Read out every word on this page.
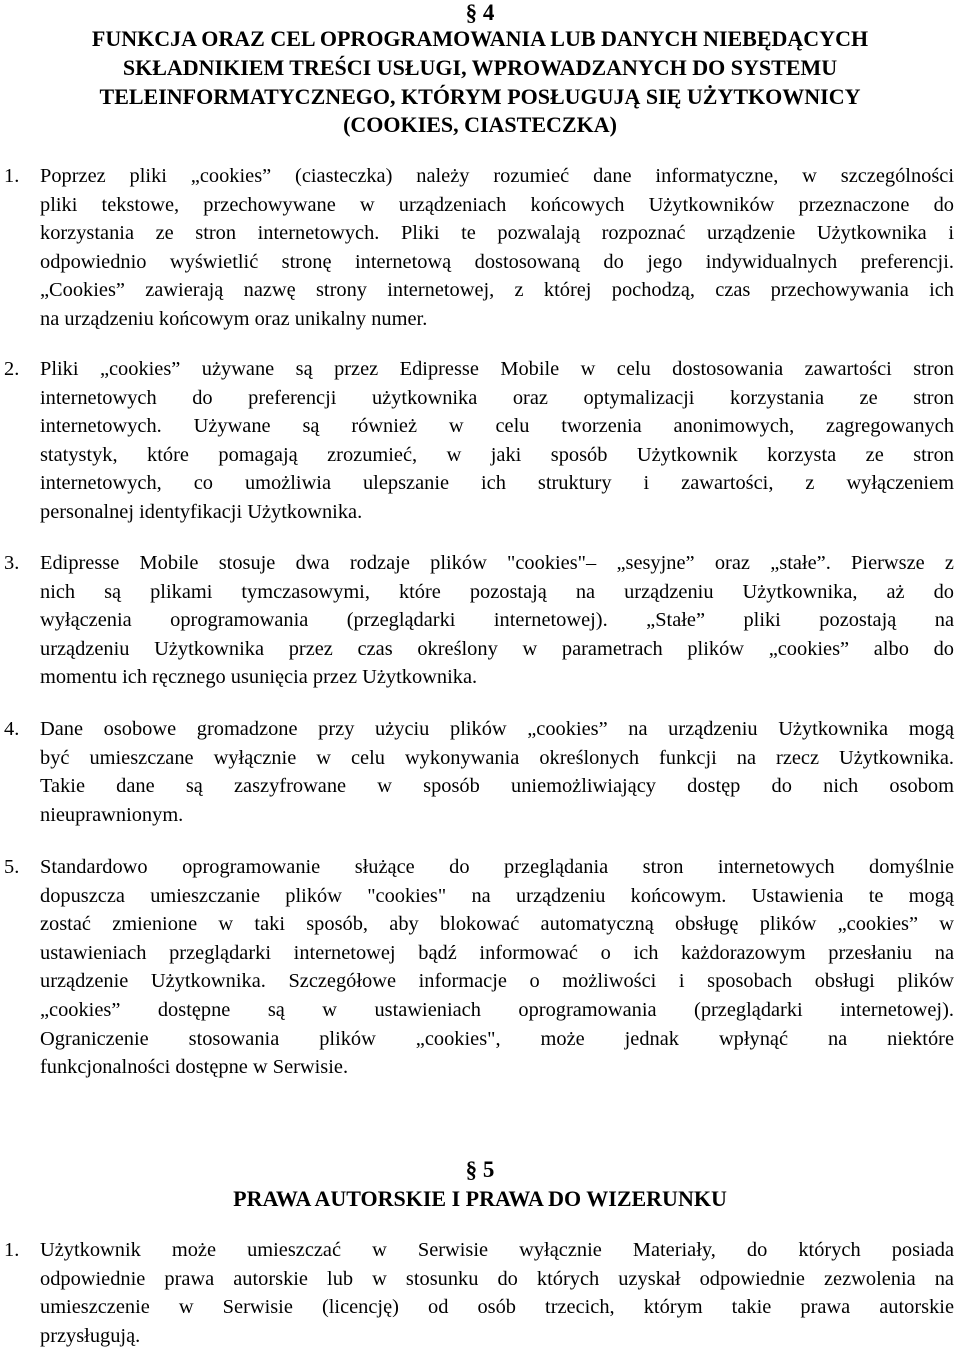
§ 4
FUNKCJA ORAZ CEL OPROGRAMOWANIA LUB DANYCH NIEBĘDĄCYCH
SKŁADNIKIEM TREŚCI USŁUGI, WPROWADZANYCH DO SYSTEMU
TELEINFORMATYCZNEGO, KTÓRYM POSŁUGUJĄ SIĘ UŻYTKOWNICY
(COOKIES, CIASTECZKA)
1. Poprzez pliki „cookies” (ciasteczka) należy rozumieć dane informatyczne, w szczególności
pliki tekstowe, przechowywane w urządzeniach końcowych Użytkowników przeznaczone do
korzystania ze stron internetowych. Pliki te pozwalają rozpoznać urządzenie Użytkownika i
odpowiednio wyświetlić stronę internetową dostosowaną do jego indywidualnych preferencji.
„Cookies” zawierają nazwę strony internetowej, z której pochodzą, czas przechowywania ich
na urządzeniu końcowym oraz unikalny numer.
2. Pliki „cookies” używane są przez Edipresse Mobile w celu dostosowania zawartości stron
internetowych do preferencji użytkownika oraz optymalizacji korzystania ze stron
internetowych. Używane są również w celu tworzenia anonimowych, zagregowanych
statystyk, które pomagają zrozumieć, w jaki sposób Użytkownik korzysta ze stron
internetowych, co umożliwia ulepszanie ich struktury i zawartości, z wyłączeniem
personalnej identyfikacji Użytkownika.
3. Edipresse Mobile stosuje dwa rodzaje plików "cookies"– „sesyjne” oraz „stałe”. Pierwsze z
nich są plikami tymczasowymi, które pozostają na urządzeniu Użytkownika, aż do
wyłączenia oprogramowania (przeglądarki internetowej). „Stałe” pliki pozostają na
urządzeniu Użytkownika przez czas określony w parametrach plików „cookies” albo do
momentu ich ręcznego usunięcia przez Użytkownika.
4. Dane osobowe gromadzone przy użyciu plików „cookies” na urządzeniu Użytkownika mogą
być umieszczane wyłącznie w celu wykonywania określonych funkcji na rzecz Użytkownika.
Takie dane są zaszyfrowane w sposób uniemożliwiający dostęp do nich osobom
nieuprawnionym.
5. Standardowo oprogramowanie służące do przeglądania stron internetowych domyślnie
dopuszcza umieszczanie plików "cookies" na urządzeniu końcowym. Ustawienia te mogą
zostać zmienione w taki sposób, aby blokować automatyczną obsługę plików „cookies” w
ustawieniach przeglądarki internetowej bądź informować o ich każdorazowym przesłaniu na
urządzenie Użytkownika. Szczegółowe informacje o możliwości i sposobach obsługi plików
„cookies” dostępne są w ustawieniach oprogramowania (przeglądarki internetowej).
Ograniczenie stosowania plików „cookies", może jednak wpłynąć na niektóre
funkcjonalności dostępne w Serwisie.
§ 5
PRAWA AUTORSKIE I PRAWA DO WIZERUNKU
1. Użytkownik może umieszczać w Serwisie wyłącznie Materiały, do których posiada
odpowiednie prawa autorskie lub w stosunku do których uzyskał odpowiednie zezwolenia na
umieszczenie w Serwisie (licencję) od osób trzecich, którym takie prawa autorskie
przysługują.
